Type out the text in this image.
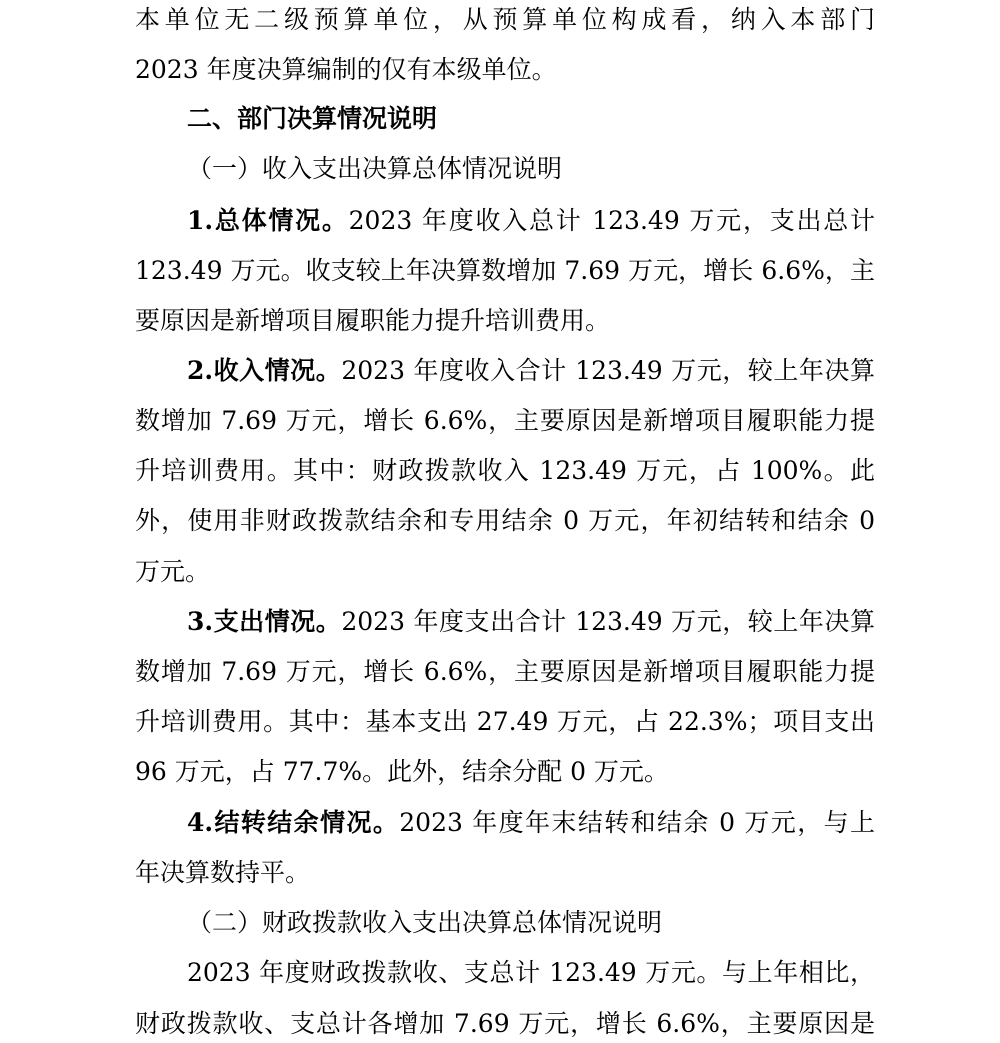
本单位无二级预算单位，从预算单位构成看，纳入本部门
2023 年度决算编制的仅有本级单位。
二、部门决算情况说明
（一）收入支出决算总体情况说明
1.总体情况。2023 年度收入总计 123.49 万元，支出总计
123.49 万元。收支较上年决算数增加 7.69 万元，增长 6.6%，主
要原因是新增项目履职能力提升培训费用。
2.收入情况。2023 年度收入合计 123.49 万元，较上年决算
数增加 7.69 万元，增长 6.6%，主要原因是新增项目履职能力提
升培训费用。其中：财政拨款收入 123.49 万元，占 100%。此
外，使用非财政拨款结余和专用结余 0 万元，年初结转和结余 0
万元。
3.支出情况。2023 年度支出合计 123.49 万元，较上年决算
数增加 7.69 万元，增长 6.6%，主要原因是新增项目履职能力提
升培训费用。其中：基本支出 27.49 万元，占 22.3%；项目支出
96 万元，占 77.7%。此外，结余分配 0 万元。
4.结转结余情况。2023 年度年末结转和结余 0 万元，与上
年决算数持平。
（二）财政拨款收入支出决算总体情况说明
2023 年度财政拨款收、支总计 123.49 万元。与上年相比，
财政拨款收、支总计各增加 7.69 万元，增长 6.6%，主要原因是
